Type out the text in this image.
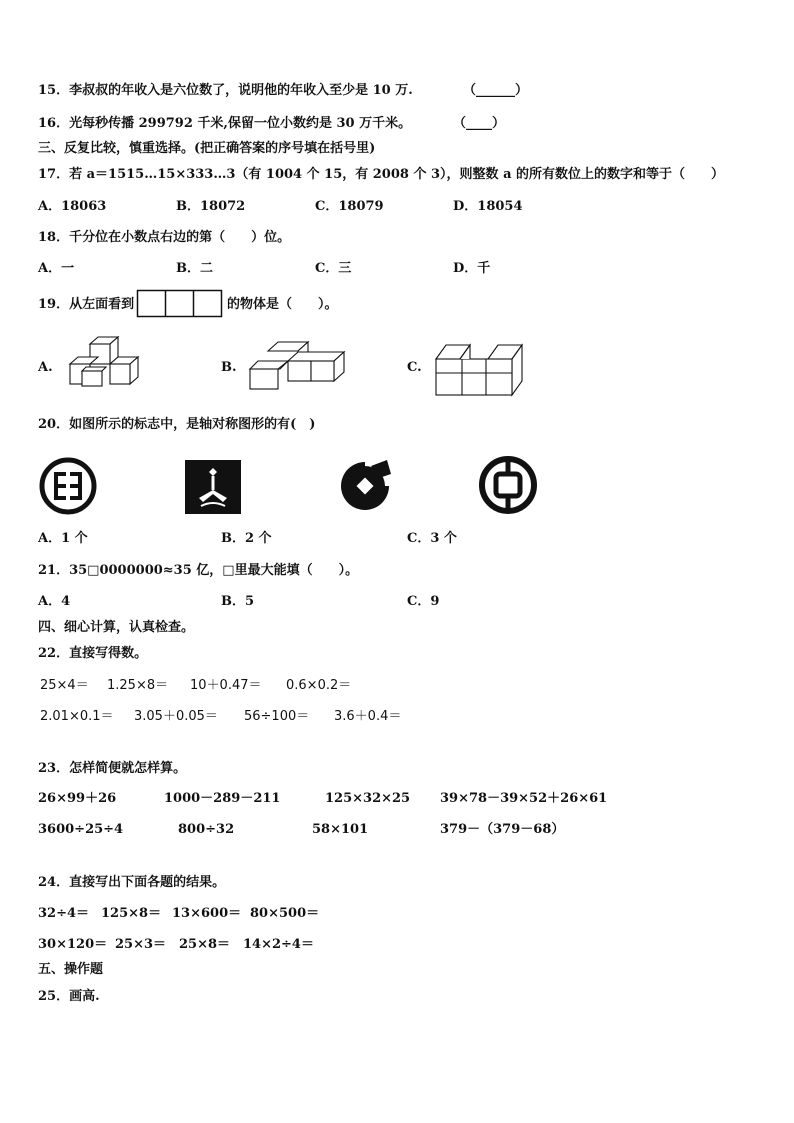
15．李叔叔的年收入是六位数了，说明他的年收入至少是 10 万.	（______）
16．光每秒传播 299792 千米,保留一位小数约是 30 万千米。	（____）
三、反复比较，慎重选择。(把正确答案的序号填在括号里)
17．若 a＝1515…15×333…3（有 1004 个 15，有 2008 个 3），则整数 a 的所有数位上的数字和等于（　　）
A．18063	B．18072	C．18079	D．18054
18．千分位在小数点右边的第（　　）位。
A．一	B．二	C．三	D．千
19．从左面看到	的物体是（　　）。
A.	B.	C.
20．如图所示的标志中，是轴对称图形的有(　)
A．1 个	B．2 个	C．3 个
21．35□0000000≈35 亿，□里最大能填（　　）。
A．4	B．5	C．9
四、细心计算，认真检查。
22．直接写得数。
25×4＝ 1.25×8＝ 10＋0.47＝ 0.6×0.2＝
2.01×0.1＝ 3.05＋0.05＝ 56÷100＝ 3.6＋0.4＝
23．怎样简便就怎样算。
26×99＋26	1000－289－211	125×32×25 39×78－39×52＋26×61
3600÷25÷4	800÷32	58×101	379－（379－68）
24．直接写出下面各题的结果。
32÷4＝ 125×8＝ 13×600＝ 80×500＝
30×120＝ 25×3＝ 25×8＝ 14×2÷4＝
五、操作题
25．画高.
